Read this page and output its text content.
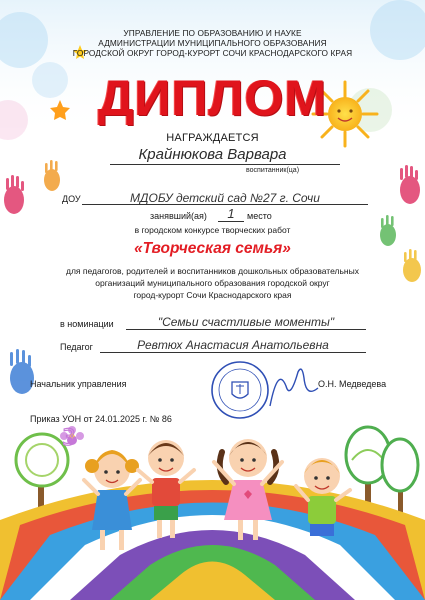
3
УПРАВЛЕНИЕ ПО ОБРАЗОВАНИЮ И НАУКЕ
АДМИНИСТРАЦИИ МУНИЦИПАЛЬНОГО ОБРАЗОВАНИЯ
ГОРОДСКОЙ ОКРУГ ГОРОД-КУРОРТ СОЧИ КРАСНОДАРСКОГО КРАЯ
ДИПЛОМ
НАГРАЖДАЕТСЯ
Крайнюкова Варвара
воспитанник(ца)
ДОУ	МДОБУ детский сад №27 г. Сочи
занявший(ая)	1	место
в городском конкурсе творческих работ
«Творческая семья»
для педагогов, родителей и воспитанников дошкольных образовательных
организаций муниципального образования городской округ
город-курорт Сочи Краснодарского края
в номинации	"Семьи счастливые моменты"
Педагог	Ревтюх Анастасия Анатольевна
Начальник управления	О.Н. Медведева
Приказ УОН от 24.01.2025 г. № 86
